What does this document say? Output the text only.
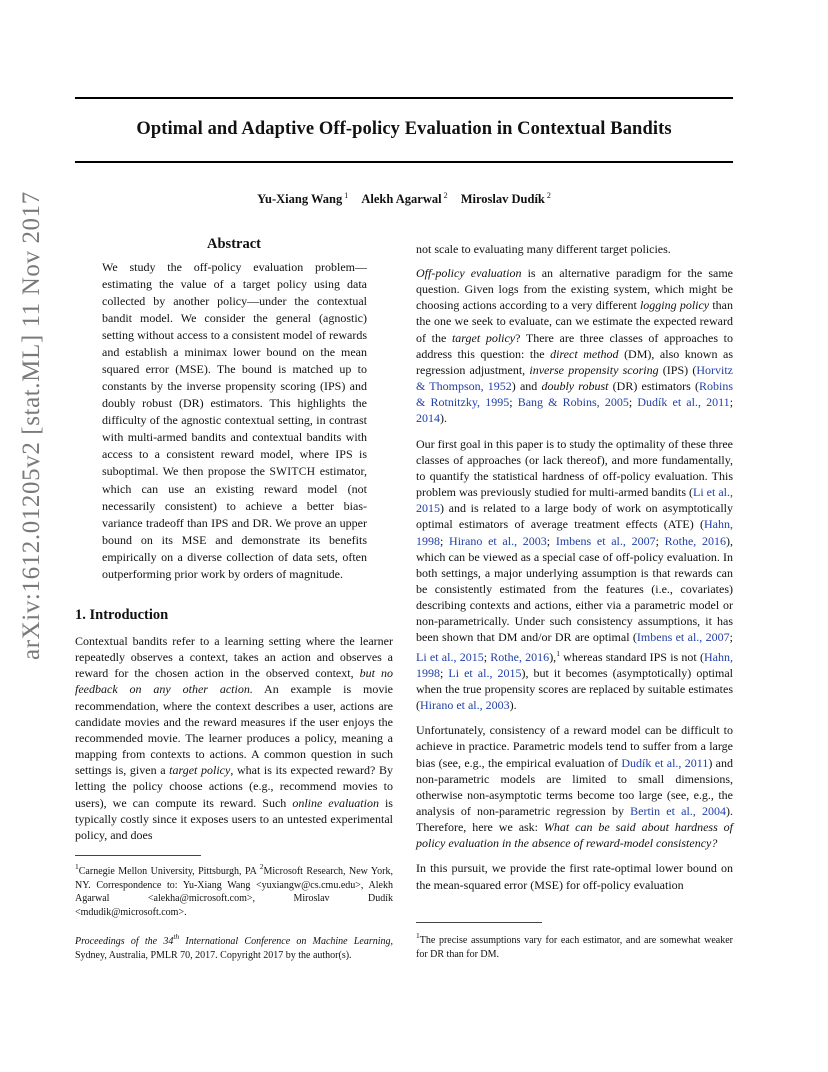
arXiv:1612.01205v2 [stat.ML] 11 Nov 2017
Optimal and Adaptive Off-policy Evaluation in Contextual Bandits
Yu-Xiang Wang $^1$ Alekh Agarwal $^2$ Miroslav Dudík $^2$
Abstract
We study the off-policy evaluation problem—estimating the value of a target policy using data collected by another policy—under the contextual bandit model. We consider the general (agnostic) setting without access to a consistent model of rewards and establish a minimax lower bound on the mean squared error (MSE). The bound is matched up to constants by the inverse propensity scoring (IPS) and doubly robust (DR) estimators. This highlights the difficulty of the agnostic contextual setting, in contrast with multi-armed bandits and contextual bandits with access to a consistent reward model, where IPS is suboptimal. We then propose the SWITCH estimator, which can use an existing reward model (not necessarily consistent) to achieve a better bias-variance tradeoff than IPS and DR. We prove an upper bound on its MSE and demonstrate its benefits empirically on a diverse collection of data sets, often outperforming prior work by orders of magnitude.
1. Introduction

Contextual bandits refer to a learning setting where the learner repeatedly observes a context, takes an action and observes a reward for the chosen action in the observed context, but no feedback on any other action. An example is movie recommendation, where the context describes a user, actions are candidate movies and the reward measures if the user enjoys the recommended movie. The learner produces a policy, meaning a mapping from contexts to actions. A common question in such settings is, given a target policy, what is its expected reward? By letting the policy choose actions (e.g., recommend movies to users), we can compute its reward. Such online evaluation is typically costly since it exposes users to an untested experimental policy, and does

$^1$Carnegie Mellon University, Pittsburgh, PA $^2$Microsoft Research, New York, NY. Correspondence to: Yu-Xiang Wang <yuxiangw@cs.cmu.edu>, Alekh Agarwal <alekha@microsoft.com>, Miroslav Dudík <mdudik@microsoft.com>.
Proceedings of the 34th International Conference on Machine Learning, Sydney, Australia, PMLR 70, 2017. Copyright 2017 by the author(s).

not scale to evaluating many different target policies.

Off-policy evaluation is an alternative paradigm for the same question. Given logs from the existing system, which might be choosing actions according to a very different logging policy than the one we seek to evaluate, can we estimate the expected reward of the target policy? There are three classes of approaches to address this question: the direct method (DM), also known as regression adjustment, inverse propensity scoring (IPS) (Horvitz & Thompson, 1952) and doubly robust (DR) estimators (Robins & Rotnitzky, 1995; Bang & Robins, 2005; Dudík et al., 2011; 2014).

Our first goal in this paper is to study the optimality of these three classes of approaches (or lack thereof), and more fundamentally, to quantify the statistical hardness of off-policy evaluation. This problem was previously studied for multi-armed bandits (Li et al., 2015) and is related to a large body of work on asymptotically optimal estimators of average treatment effects (ATE) (Hahn, 1998; Hirano et al., 2003; Imbens et al., 2007; Rothe, 2016), which can be viewed as a special case of off-policy evaluation. In both settings, a major underlying assumption is that rewards can be consistently estimated from the features (i.e., covariates) describing contexts and actions, either via a parametric model or non-parametrically. Under such consistency assumptions, it has been shown that DM and/or DR are optimal (Imbens et al., 2007; Li et al., 2015; Rothe, 2016),$^1$ whereas standard IPS is not (Hahn, 1998; Li et al., 2015), but it becomes (asymptotically) optimal when the true propensity scores are replaced by suitable estimates (Hirano et al., 2003).

Unfortunately, consistency of a reward model can be difficult to achieve in practice. Parametric models tend to suffer from a large bias (see, e.g., the empirical evaluation of Dudík et al., 2011) and non-parametric models are limited to small dimensions, otherwise non-asymptotic terms become too large (see, e.g., the analysis of non-parametric regression by Bertin et al., 2004). Therefore, here we ask: What can be said about hardness of policy evaluation in the absence of reward-model consistency?

In this pursuit, we provide the first rate-optimal lower bound on the mean-squared error (MSE) for off-policy evaluation

$^1$The precise assumptions vary for each estimator, and are somewhat weaker for DR than for DM.
